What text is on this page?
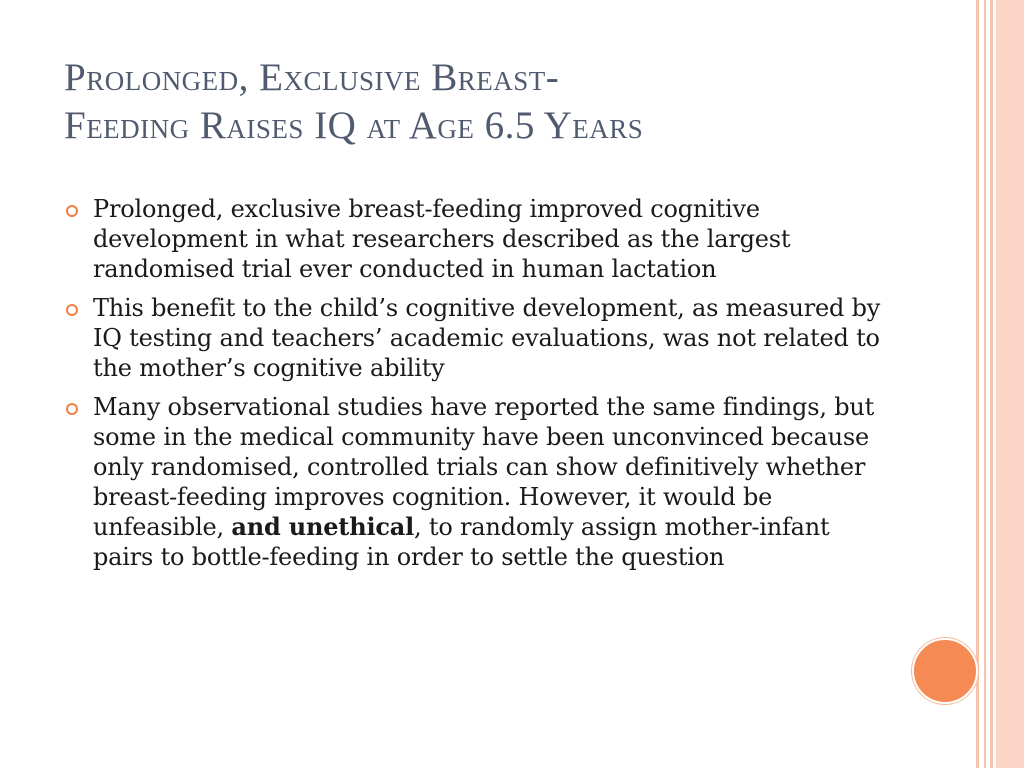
Prolonged, Exclusive Breast-
Feeding Raises IQ at Age 6.5 Years
Prolonged, exclusive breast-feeding improved cognitive development in what researchers described as the largest randomised trial ever conducted in human lactation
This benefit to the child’s cognitive development, as measured by IQ testing and teachers’ academic evaluations, was not related to the mother’s cognitive ability
Many observational studies have reported the same findings, but some in the medical community have been unconvinced because only randomised, controlled trials can show definitively whether breast-feeding improves cognition. However, it would be unfeasible, and unethical, to randomly assign mother-infant pairs to bottle-feeding in order to settle the question
